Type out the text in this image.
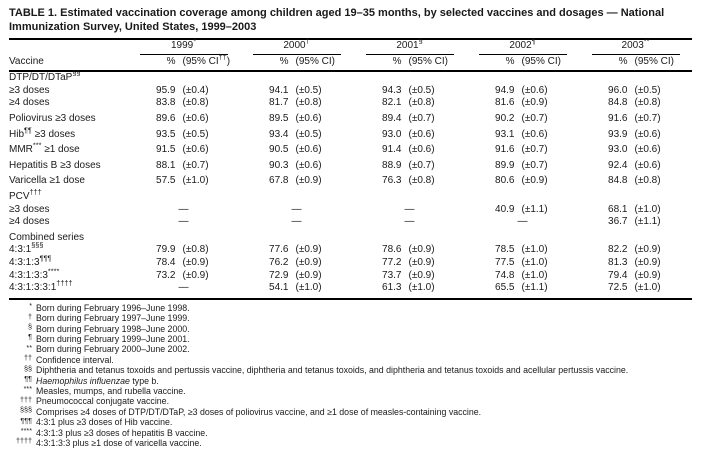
TABLE 1. Estimated vaccination coverage among children aged 19–35 months, by selected vaccines and dosages — National Immunization Survey, United States, 1999–2003

	1999*	2000†	2001§	2002¶	2003**

Vaccine	% (95% CI††)	% (95% CI)	% (95% CI)	% (95% CI)	% (95% CI)

DTP/DT/DTaP§§
≥3 doses	95.9 (±0.4)	94.1 (±0.5)	94.3 (±0.5)	94.9 (±0.6)	96.0 (±0.5)

≥4 doses	83.8 (±0.8)	81.7 (±0.8)	82.1 (±0.8)	81.6 (±0.9)	84.8 (±0.8)

Poliovirus ≥3 doses	89.6 (±0.6)	89.5 (±0.6)	89.4 (±0.7)	90.2 (±0.7)	91.6 (±0.7)

Hib¶¶ ≥3 doses	93.5 (±0.5)	93.4 (±0.5)	93.0 (±0.6)	93.1 (±0.6)	93.9 (±0.6)

MMR*** ≥1 dose	91.5 (±0.6)	90.5 (±0.6)	91.4 (±0.6)	91.6 (±0.7)	93.0 (±0.6)

Hepatitis B ≥3 doses	88.1 (±0.7)	90.3 (±0.6)	88.9 (±0.7)	89.9 (±0.7)	92.4 (±0.6)

Varicella ≥1 dose	57.5 (±1.0)	67.8 (±0.9)	76.3 (±0.8)	80.6 (±0.9)	84.8 (±0.8)

PCV†††
≥3 doses	—	—	—	40.9 (±1.1)	68.1 (±1.0)

≥4 doses	—	—	—	—	36.7 (±1.1)

Combined series					
4:3:1§§§	79.9 (±0.8)	77.6 (±0.9)	78.6 (±0.9)	78.5 (±1.0)	82.2 (±0.9)

4:3:1:3¶¶¶	78.4 (±0.9)	76.2 (±0.9)	77.2 (±0.9)	77.5 (±1.0)	81.3 (±0.9)

4:3:1:3:3****	73.2 (±0.9)	72.9 (±0.9)	73.7 (±0.9)	74.8 (±1.0)	79.4 (±0.9)

4:3:1:3:3:1††††	—	54.1 (±1.0)	61.3 (±1.0)	65.5 (±1.1)	72.5 (±1.0)
* Born during February 1996–June 1998.
† Born during February 1997–June 1999.
§ Born during February 1998–June 2000.
¶ Born during February 1999–June 2001.
** Born during February 2000–June 2002.
†† Confidence interval.
§§ Diphtheria and tetanus toxoids and pertussis vaccine, diphtheria and tetanus toxoids, and diphtheria and tetanus toxoids and acellular pertussis vaccine.
¶¶ Haemophilus influenzae type b.
*** Measles, mumps, and rubella vaccine.
††† Pneumococcal conjugate vaccine.
§§§ Comprises ≥4 doses of DTP/DT/DTaP, ≥3 doses of poliovirus vaccine, and ≥1 dose of measles-containing vaccine.
¶¶¶ 4:3:1 plus ≥3 doses of Hib vaccine.
**** 4:3:1:3 plus ≥3 doses of hepatitis B vaccine.
†††† 4:3:1:3:3 plus ≥1 dose of varicella vaccine.
